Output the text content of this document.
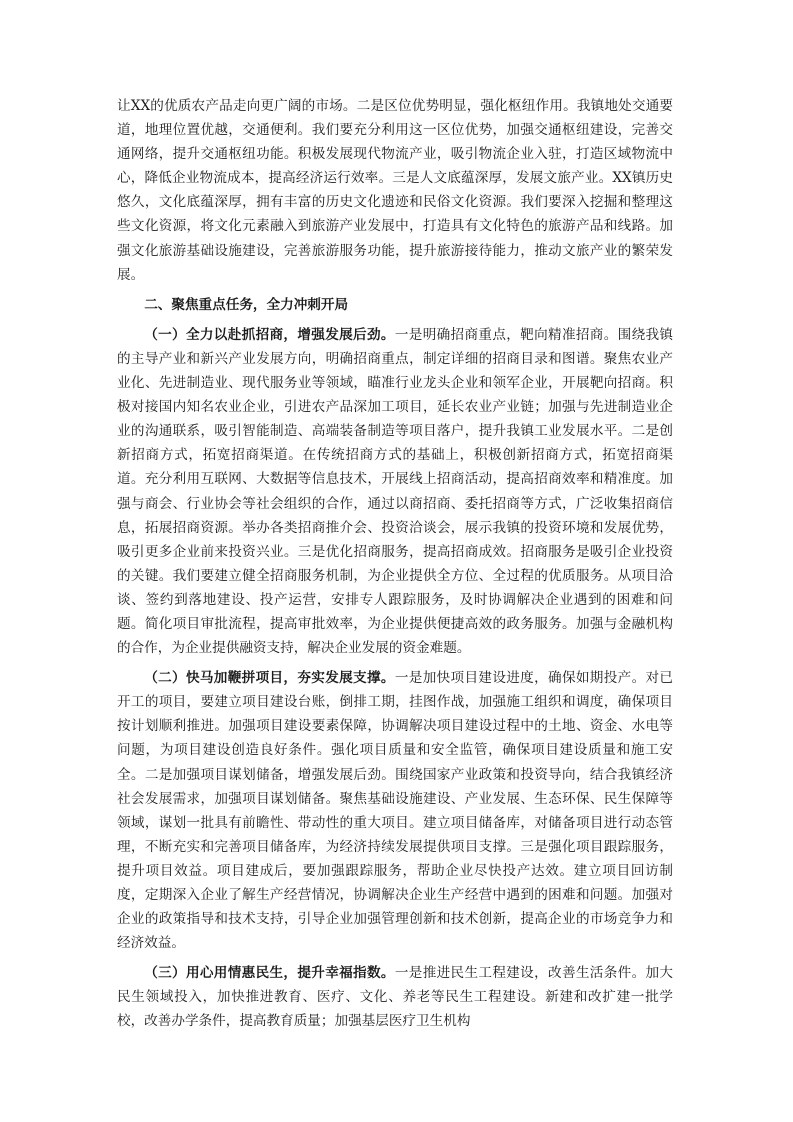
让XX的优质农产品走向更广阔的市场。二是区位优势明显，强化枢纽作用。我镇地处交通要道，地理位置优越，交通便利。我们要充分利用这一区位优势，加强交通枢纽建设，完善交通网络，提升交通枢纽功能。积极发展现代物流产业，吸引物流企业入驻，打造区域物流中心，降低企业物流成本，提高经济运行效率。三是人文底蕴深厚，发展文旅产业。XX镇历史悠久，文化底蕴深厚，拥有丰富的历史文化遗迹和民俗文化资源。我们要深入挖掘和整理这些文化资源，将文化元素融入到旅游产业发展中，打造具有文化特色的旅游产品和线路。加强文化旅游基础设施建设，完善旅游服务功能，提升旅游接待能力，推动文旅产业的繁荣发展。

二、聚焦重点任务，全力冲刺开局

（一）全力以赴抓招商，增强发展后劲。一是明确招商重点，靶向精准招商。围绕我镇的主导产业和新兴产业发展方向，明确招商重点，制定详细的招商目录和图谱。聚焦农业产业化、先进制造业、现代服务业等领域，瞄准行业龙头企业和领军企业，开展靶向招商。积极对接国内知名农业企业，引进农产品深加工项目，延长农业产业链；加强与先进制造业企业的沟通联系，吸引智能制造、高端装备制造等项目落户，提升我镇工业发展水平。二是创新招商方式，拓宽招商渠道。在传统招商方式的基础上，积极创新招商方式，拓宽招商渠道。充分利用互联网、大数据等信息技术，开展线上招商活动，提高招商效率和精准度。加强与商会、行业协会等社会组织的合作，通过以商招商、委托招商等方式，广泛收集招商信息，拓展招商资源。举办各类招商推介会、投资洽谈会，展示我镇的投资环境和发展优势，吸引更多企业前来投资兴业。三是优化招商服务，提高招商成效。招商服务是吸引企业投资的关键。我们要建立健全招商服务机制，为企业提供全方位、全过程的优质服务。从项目洽谈、签约到落地建设、投产运营，安排专人跟踪服务，及时协调解决企业遇到的困难和问题。简化项目审批流程，提高审批效率，为企业提供便捷高效的政务服务。加强与金融机构的合作，为企业提供融资支持，解决企业发展的资金难题。

（二）快马加鞭拼项目，夯实发展支撑。一是加快项目建设进度，确保如期投产。对已开工的项目，要建立项目建设台账，倒排工期，挂图作战，加强施工组织和调度，确保项目按计划顺利推进。加强项目建设要素保障，协调解决项目建设过程中的土地、资金、水电等问题，为项目建设创造良好条件。强化项目质量和安全监管，确保项目建设质量和施工安全。二是加强项目谋划储备，增强发展后劲。围绕国家产业政策和投资导向，结合我镇经济社会发展需求，加强项目谋划储备。聚焦基础设施建设、产业发展、生态环保、民生保障等领域，谋划一批具有前瞻性、带动性的重大项目。建立项目储备库，对储备项目进行动态管理，不断充实和完善项目储备库，为经济持续发展提供项目支撑。三是强化项目跟踪服务，提升项目效益。项目建成后，要加强跟踪服务，帮助企业尽快投产达效。建立项目回访制度，定期深入企业了解生产经营情况，协调解决企业生产经营中遇到的困难和问题。加强对企业的政策指导和技术支持，引导企业加强管理创新和技术创新，提高企业的市场竞争力和经济效益。

（三）用心用情惠民生，提升幸福指数。一是推进民生工程建设，改善生活条件。加大民生领域投入，加快推进教育、医疗、文化、养老等民生工程建设。新建和改扩建一批学校，改善办学条件，提高教育质量；加强基层医疗卫生机构
